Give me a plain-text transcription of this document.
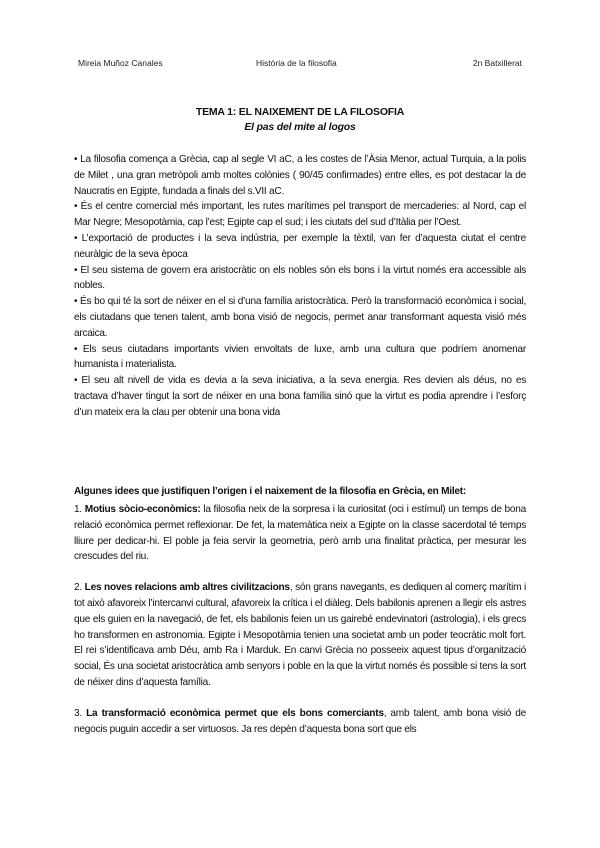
Mireia Muñoz Canales	Història de la filosofia	2n Batxillerat
TEMA 1: EL NAIXEMENT DE LA FILOSOFIA
El pas del mite al logos

• La filosofia comença a Grècia, cap al segle VI aC, a les costes de l’Àsia Menor, actual Turquia, a la polis de Milet , una gran metròpoli amb moltes colònies ( 90/45 confirmades) entre elles, es pot destacar la de Naucratis en Egipte, fundada a finals del s.VII aC.

• És el centre comercial més important, les rutes marítimes pel transport de mercaderies: al Nord, cap el Mar Negre; Mesopotàmia, cap l’est; Egipte cap el sud; i les ciutats del sud d’Itàlia per l’Oest.

• L’exportació de productes i la seva indústria, per exemple la tèxtil, van fer d’aquesta ciutat el centre neuràlgic de la seva època

• El seu sistema de govern era aristocràtic on els nobles són els bons i la virtut només era accessible als nobles.

• És bo qui té la sort de néixer en el si d’una família aristocràtica. Però la transformació econòmica i social, els ciutadans que tenen talent, amb bona visió de negocis, permet anar transformant aquesta visió més arcaica.

• Els seus ciutadans importants vivien envoltats de luxe, amb una cultura que podríem anomenar humanista i materialista.

• El seu alt nivell de vida es devia a la seva iniciativa, a la seva energia. Res devien als déus, no es tractava d’haver tingut la sort de néixer en una bona família sinó que la virtut es podia aprendre i l’esforç d’un mateix era la clau per obtenir una bona vida

Algunes idees que justifiquen l’origen i el naixement de la filosofia en Grècia, en Milet:

1. Motius sòcio-econòmics: la filosofia neix de la sorpresa i la curiositat (oci i estímul) un temps de bona relació econòmica permet reflexionar. De fet, la matemàtica neix a Egipte on la classe sacerdotal té temps lliure per dedicar-hi. El poble ja feia servir la geometria, però amb una finalitat pràctica, per mesurar les crescudes del riu.

2. Les noves relacions amb altres civilitzacions, són grans navegants, es dediquen al comerç marítim i tot això afavoreix l’intercanvi cultural, afavoreix la crítica i el diàleg. Dels babilonis aprenen a llegir els astres que els guien en la navegació, de fet, els babilonis feien un us gairebé endevinatori (astrologia), i els grecs ho transformen en astronomia. Egipte i Mesopotàmia tenien una societat amb un poder teocràtic molt fort. El rei s’identificava amb Déu, amb Ra i Marduk. En canvi Grècia no posseeix aquest tipus d’organització social, És una societat aristocràtica amb senyors i poble en la que la virtut només és possible si tens la sort de néixer dins d’aquesta família.

3. La transformació econòmica permet que els bons comerciants, amb talent, amb bona visió de negocis puguin accedir a ser virtuosos. Ja res depèn d’aquesta bona sort que els
